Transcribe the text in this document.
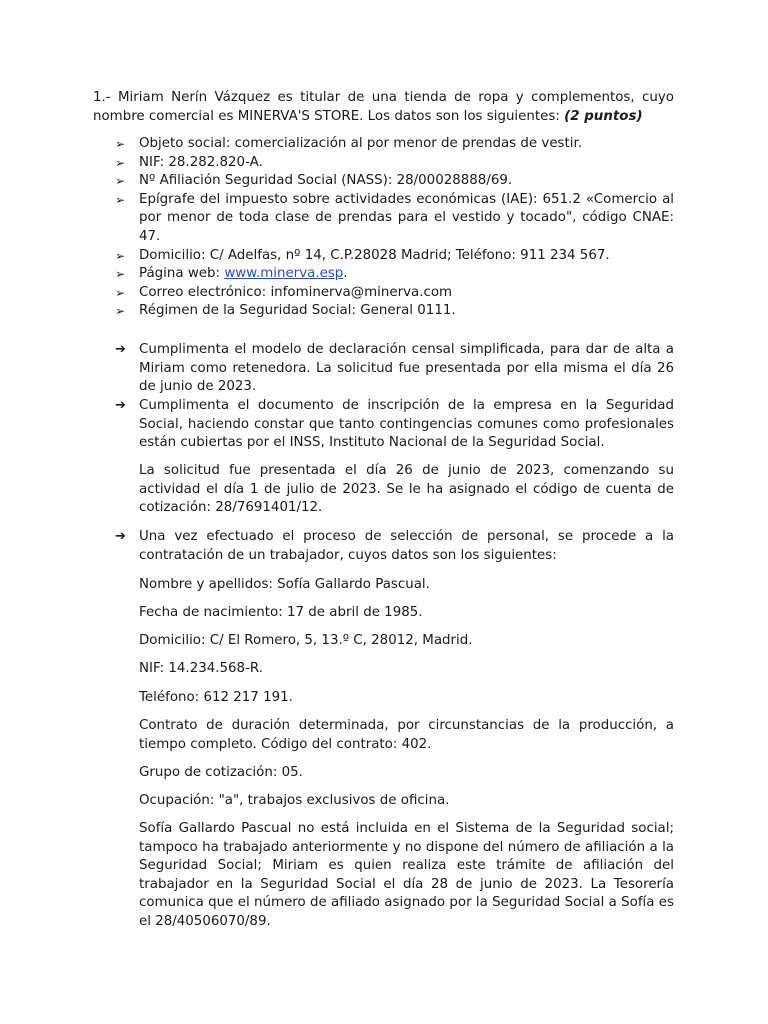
1.- Miriam Nerín Vázquez es titular de una tienda de ropa y complementos, cuyo nombre comercial es MINERVA'S STORE. Los datos son los siguientes: (2 puntos)

➢ Objeto social: comercialización al por menor de prendas de vestir.
➢ NIF: 28.282.820-A.
➢ Nº Afiliación Seguridad Social (NASS): 28/00028888/69.
➢ Epígrafe del impuesto sobre actividades económicas (IAE): 651.2 «Comercio al por menor de toda clase de prendas para el vestido y tocado", código CNAE: 47.
➢ Domicilio: C/ Adelfas, nº 14, C.P.28028 Madrid; Teléfono: 911 234 567.
➢ Página web: www.minerva.esp.
➢ Correo electrónico: infominerva@minerva.com
➢ Régimen de la Seguridad Social: General 0111.

➔ Cumplimenta el modelo de declaración censal simplificada, para dar de alta a Miriam como retenedora. La solicitud fue presentada por ella misma el día 26 de junio de 2023.

➔ Cumplimenta el documento de inscripción de la empresa en la Seguridad Social, haciendo constar que tanto contingencias comunes como profesionales están cubiertas por el INSS, Instituto Nacional de la Seguridad Social.

La solicitud fue presentada el día 26 de junio de 2023, comenzando su actividad el día 1 de julio de 2023. Se le ha asignado el código de cuenta de cotización: 28/7691401/12.

➔ Una vez efectuado el proceso de selección de personal, se procede a la contratación de un trabajador, cuyos datos son los siguientes:

Nombre y apellidos: Sofía Gallardo Pascual.

Fecha de nacimiento: 17 de abril de 1985.

Domicilio: C/ El Romero, 5, 13.º C, 28012, Madrid.

NIF: 14.234.568-R.

Teléfono: 612 217 191.

Contrato de duración determinada, por circunstancias de la producción, a tiempo completo. Código del contrato: 402.

Grupo de cotización: 05.

Ocupación: "a", trabajos exclusivos de oficina.

Sofía Gallardo Pascual no está incluida en el Sistema de la Seguridad social; tampoco ha trabajado anteriormente y no dispone del número de afiliación a la Seguridad Social; Miriam es quien realiza este trámite de afiliación del trabajador en la Seguridad Social el día 28 de junio de 2023. La Tesorería comunica que el número de afiliado asignado por la Seguridad Social a Sofía es el 28/40506070/89.
